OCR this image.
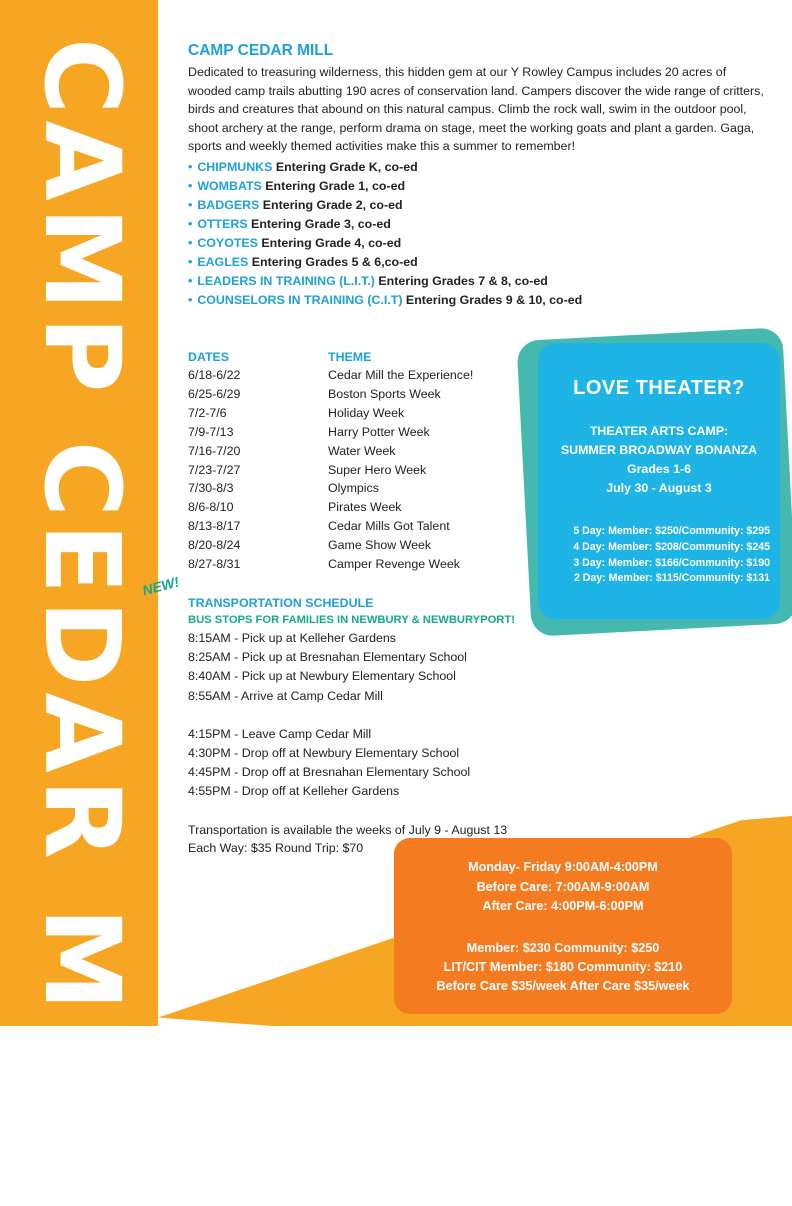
CAMP CEDAR MILL	CAMP CEDAR MILL

Dedicated to treasuring wilderness, this hidden gem at our Y Rowley Campus includes 20 acres of wooded camp trails abutting 190 acres of conservation land. Campers discover the wide range of critters, birds and creatures that abound on this natural campus. Climb the rock wall, swim in the outdoor pool, shoot archery at the range, perform drama on stage, meet the working goats and plant a garden. Gaga, sports and weekly themed activities make this a summer to remember!

• CHIPMUNKS Entering Grade K, co-ed
• WOMBATS Entering Grade 1, co-ed
• BADGERS Entering Grade 2, co-ed
• OTTERS Entering Grade 3, co-ed
• COYOTES Entering Grade 4, co-ed
• EAGLES Entering Grades 5 & 6,co-ed
• LEADERS IN TRAINING (L.I.T.) Entering Grades 7 & 8, co-ed
• COUNSELORS IN TRAINING (C.I.T) Entering Grades 9 & 10, co-ed
DATES	THEME
6/18-6/22	Cedar Mill the Experience!
6/25-6/29	Boston Sports Week
7/2-7/6	Holiday Week
7/9-7/13	Harry Potter Week
7/16-7/20	Water Week
7/23-7/27	Super Hero Week
7/30-8/3	Olympics
8/6-8/10	Pirates Week
8/13-8/17	Cedar Mills Got Talent
8/20-8/24	Game Show Week
8/27-8/31	Camper Revenge Week
NEW!
TRANSPORTATION SCHEDULE
BUS STOPS FOR FAMILIES IN NEWBURY & NEWBURYPORT!
8:15AM - Pick up at Kelleher Gardens
8:25AM - Pick up at Bresnahan Elementary School
8:40AM - Pick up at Newbury Elementary School
8:55AM - Arrive at Camp Cedar Mill
4:15PM - Leave Camp Cedar Mill
4:30PM - Drop off at Newbury Elementary School
4:45PM - Drop off at Bresnahan Elementary School
4:55PM - Drop off at Kelleher Gardens
Transportation is available the weeks of July 9 - August 13
Each Way: $35 Round Trip: $70
LOVE THEATER?
THEATER ARTS CAMP:
SUMMER BROADWAY BONANZA
Grades 1-6
July 30 - August 3
5 Day: Member: $250/Community: $295
4 Day: Member: $208/Community: $245
3 Day: Member: $166/Community: $190
2 Day: Member: $115/Community: $131
Monday- Friday 9:00AM-4:00PM
Before Care: 7:00AM-9:00AM
After Care: 4:00PM-6:00PM
Member: $230 Community: $250
LIT/CIT Member: $180 Community: $210
Before Care $35/week After Care $35/week
